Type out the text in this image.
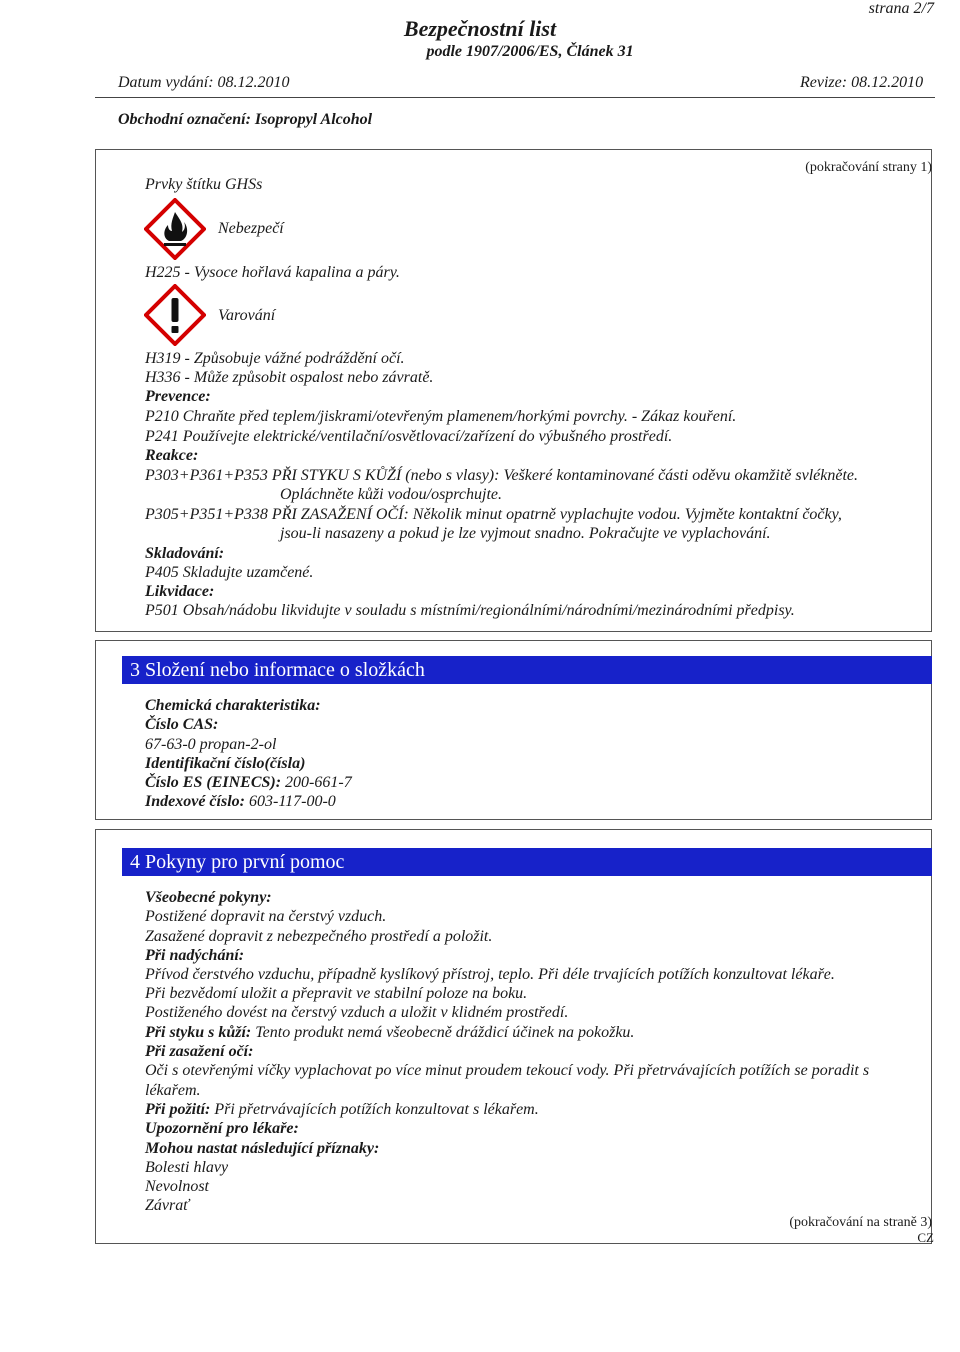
strana 2/7
Bezpečnostní list
podle 1907/2006/ES, Článek 31
Datum vydání: 08.12.2010	Revize: 08.12.2010
Obchodní označení: Isopropyl Alcohol
Prvky štítku GHSs
(pokračování strany 1)
Nebezpečí
H225 - Vysoce hořlavá kapalina a páry.
Varování
H319 - Způsobuje vážné podráždění očí.
H336 - Může způsobit ospalost nebo závratě.
Prevence:
P210 Chraňte před teplem/jiskrami/otevřeným plamenem/horkými povrchy. - Zákaz kouření.
P241 Používejte elektrické/ventilační/osvětlovací/zařízení do výbušného prostředí.
Reakce:
P303+P361+P353 PŘI STYKU S KŮŽÍ (nebo s vlasy): Veškeré kontaminované části oděvu okamžitě svlékněte.
Opláchněte kůži vodou/osprchujte.
P305+P351+P338 PŘI ZASAŽENÍ OČÍ: Několik minut opatrně vyplachujte vodou. Vyjměte kontaktní čočky,
jsou-li nasazeny a pokud je lze vyjmout snadno. Pokračujte ve vyplachování.
Skladování:
P405 Skladujte uzamčené.
Likvidace:
P501 Obsah/nádobu likvidujte v souladu s místními/regionálními/národními/mezinárodními předpisy.
3 Složení nebo informace o složkách
Chemická charakteristika:
Číslo CAS:
67-63-0 propan-2-ol
Identifikační číslo(čísla)
Číslo ES (EINECS): 200-661-7
Indexové číslo: 603-117-00-0
4 Pokyny pro první pomoc
Všeobecné pokyny:
Postižené dopravit na čerstvý vzduch.
Zasažené dopravit z nebezpečného prostředí a položit.
Při nadýchání:
Přívod čerstvého vzduchu, případně kyslíkový přístroj, teplo. Při déle trvajících potížích konzultovat lékaře.
Při bezvědomí uložit a přepravit ve stabilní poloze na boku.
Postiženého dovést na čerstvý vzduch a uložit v klidném prostředí.
Při styku s kůží: Tento produkt nemá všeobecně dráždicí účinek na pokožku.
Při zasažení očí:
Oči s otevřenými víčky vyplachovat po více minut proudem tekoucí vody. Při přetrvávajících potížích se poradit s
lékařem.
Při požití: Při přetrvávajících potížích konzultovat s lékařem.
Upozornění pro lékaře:
Mohou nastat následující příznaky:
Bolesti hlavy
Nevolnost
Závrať
(pokračování na straně 3)
CZ
